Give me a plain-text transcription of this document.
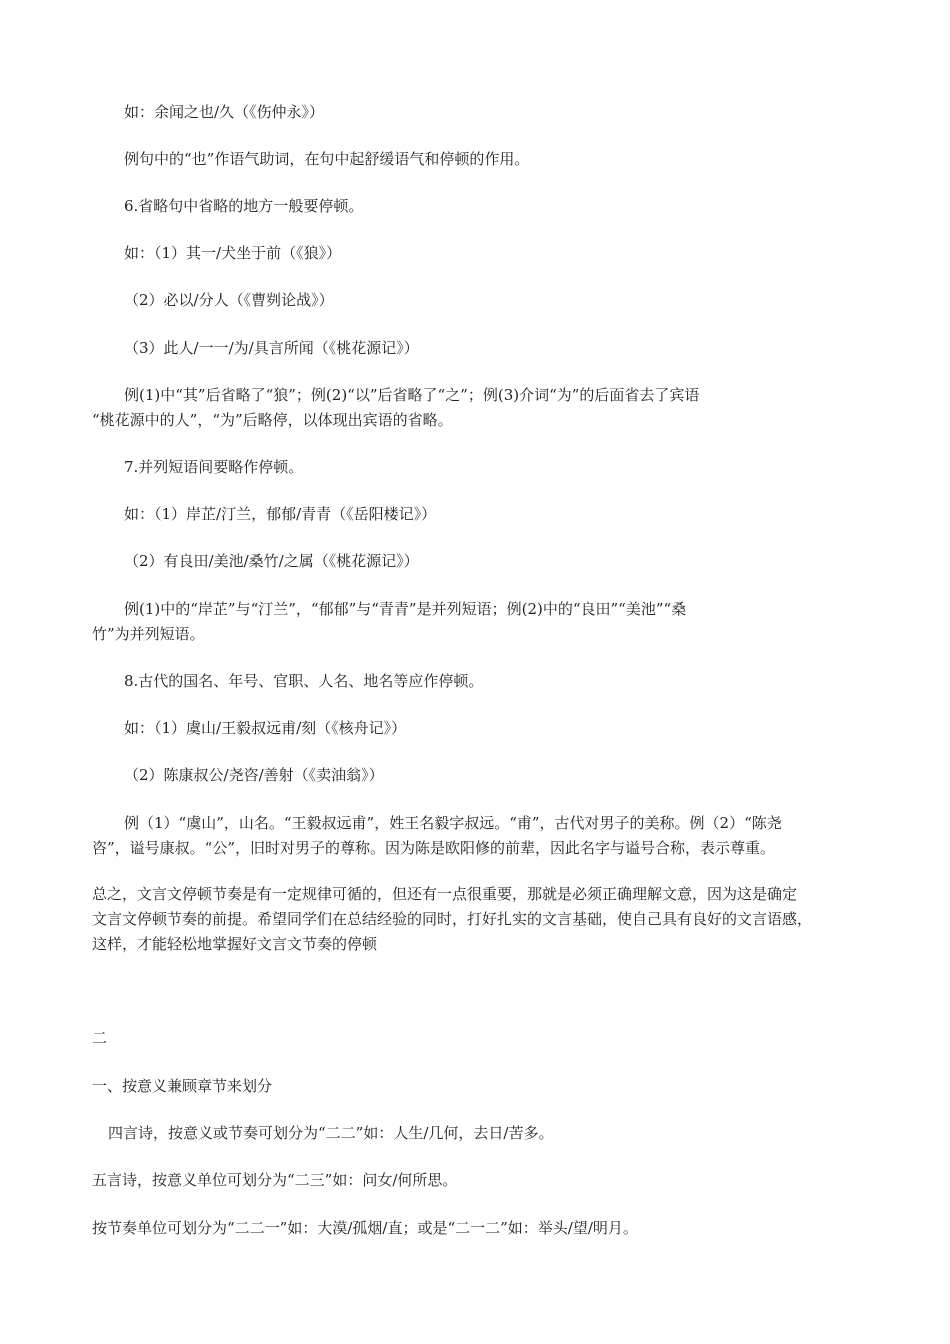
如：余闻之也/久（《伤仲永》）
例句中的“也”作语气助词，在句中起舒缓语气和停顿的作用。
6.省略句中省略的地方一般要停顿。
如：（1）其一/犬坐于前（《狼》）
（2）必以/分人（《曹刿论战》）
（3）此人/一一/为/具言所闻（《桃花源记》）
例(1)中“其”后省略了“狼”；例(2)“以”后省略了“之”；例(3)介词“为”的后面省去了宾语
“桃花源中的人”，“为”后略停，以体现出宾语的省略。
7.并列短语间要略作停顿。
如：（1）岸芷/汀兰，郁郁/青青（《岳阳楼记》）
（2）有良田/美池/桑竹/之属（《桃花源记》）
例(1)中的“岸芷”与“汀兰”，“郁郁”与“青青”是并列短语；例(2)中的“良田”“美池”“桑
竹”为并列短语。
8.古代的国名、年号、官职、人名、地名等应作停顿。
如：（1）虞山/王毅叔远甫/刻（《核舟记》）
（2）陈康叔公/尧咨/善射（《卖油翁》）
例（1）“虞山”，山名。“王毅叔远甫”，姓王名毅字叔远。“甫”，古代对男子的美称。例（2）“陈尧
咨”，谥号康叔。“公”，旧时对男子的尊称。因为陈是欧阳修的前辈，因此名字与谥号合称，表示尊重。
总之，文言文停顿节奏是有一定规律可循的，但还有一点很重要，那就是必须正确理解文意，因为这是确定
文言文停顿节奏的前提。希望同学们在总结经验的同时，打好扎实的文言基础，使自己具有良好的文言语感，
这样，才能轻松地掌握好文言文节奏的停顿
二
一、按意义兼顾章节来划分
四言诗，按意义或节奏可划分为“二二”如：人生/几何，去日/苦多。
五言诗，按意义单位可划分为“二三”如：问女/何所思。
按节奏单位可划分为“二二一”如：大漠/孤烟/直；或是“二一二”如：举头/望/明月。
